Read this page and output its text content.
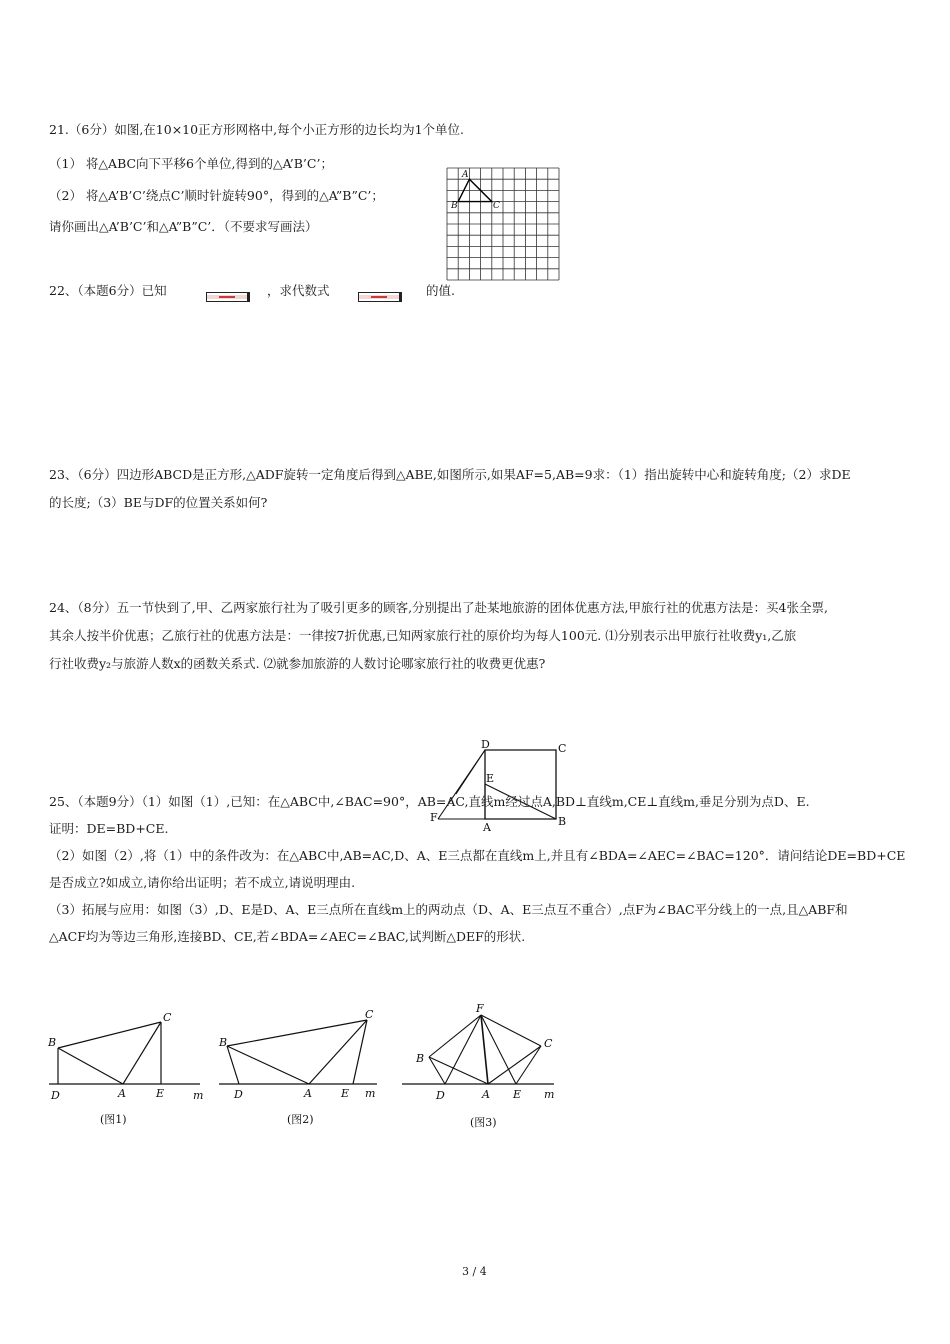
21.（6分）如图,在10×10正方形网格中,每个小正方形的边长均为1个单位.
（1） 将△ABC向下平移6个单位,得到的△A’B’C’；
（2） 将△A’B’C’绕点C’顺时针旋转90°，得到的△A”B”C’；
请你画出△A’B’C’和△A”B”C’．（不要求写画法）
A
B	C
22、（本题6分）已知	，求代数式	的值.
23、（6分）四边形ABCD是正方形,△ADF旋转一定角度后得到△ABE,如图所示,如果AF=5,AB=9求：（1）指出旋转中心和旋转角度;（2）求DE
的长度;（3）BE与DF的位置关系如何?
24、（8分）五一节快到了,甲、乙两家旅行社为了吸引更多的顾客,分别提出了赴某地旅游的团体优惠方法,甲旅行社的优惠方法是：买4张全票,
其余人按半价优惠；乙旅行社的优惠方法是：一律按7折优惠,已知两家旅行社的原价均为每人100元. ⑴分别表示出甲旅行社收费y₁,乙旅
行社收费y₂与旅游人数x的函数关系式. ⑵就参加旅游的人数讨论哪家旅行社的收费更优惠?
D	C
E
F
A	B
25、（本题9分）（1）如图（1）,已知：在△ABC中,∠BAC=90°，AB=AC,直线m经过点A,BD⊥直线m,CE⊥直线m,垂足分别为点D、E.
证明：DE=BD+CE.
（2）如图（2）,将（1）中的条件改为：在△ABC中,AB=AC,D、A、E三点都在直线m上,并且有∠BDA=∠AEC=∠BAC=120°．请问结论DE=BD+CE
是否成立?如成立,请你给出证明；若不成立,请说明理由.
（3）拓展与应用：如图（3）,D、E是D、A、E三点所在直线m上的两动点（D、A、E三点互不重合）,点F为∠BAC平分线上的一点,且△ABF和
△ACF均为等边三角形,连接BD、CE,若∠BDA=∠AEC=∠BAC,试判断△DEF的形状.
B
C
D	A	E	m
(图1)
B
C
D	A	E m
(图2)
F
B
C
D	A E m
(图3)
3 / 4
